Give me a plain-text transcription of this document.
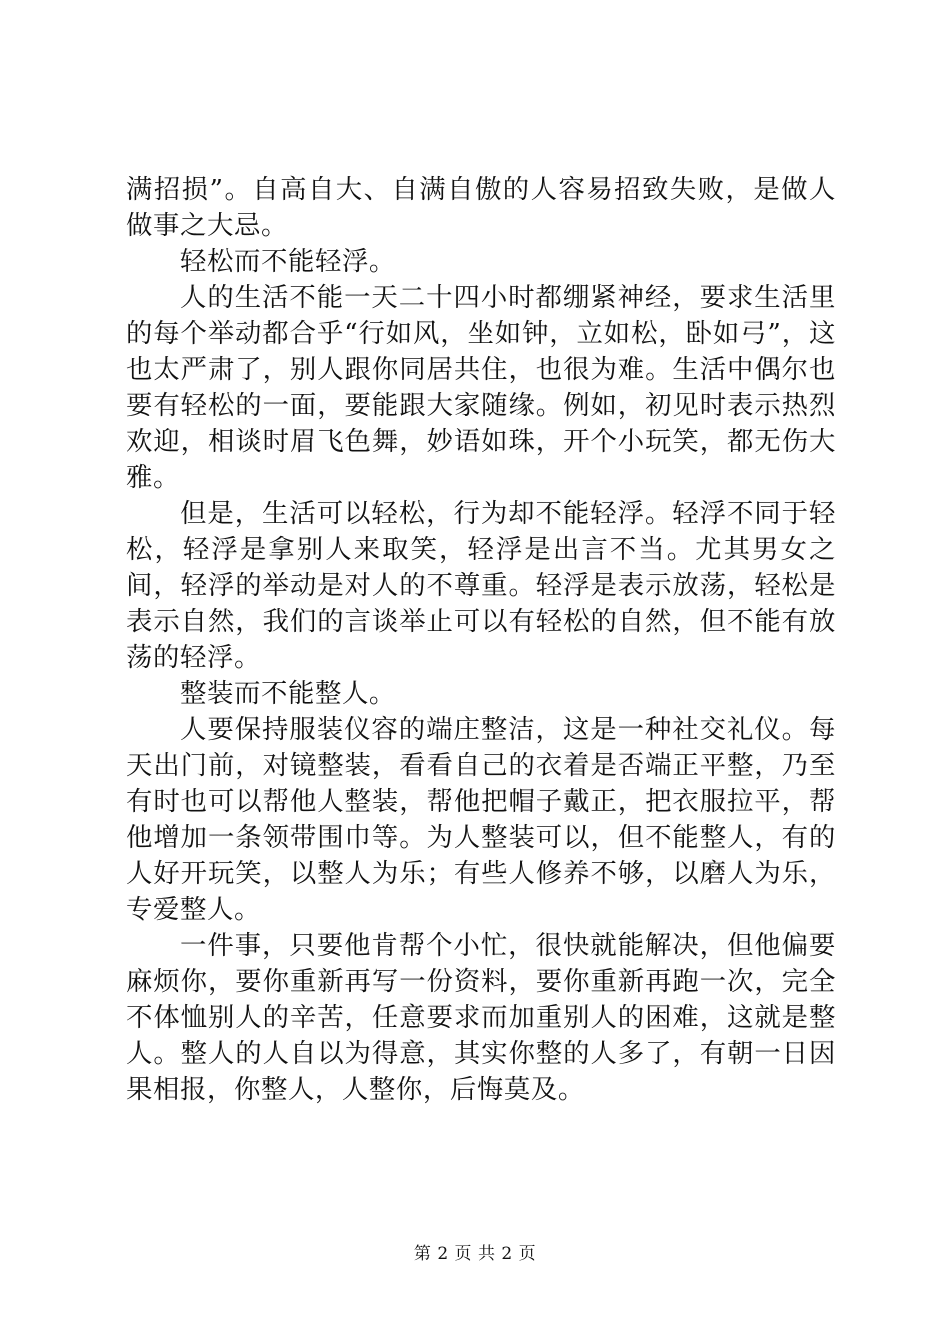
满招损”。自高自大、自满自傲的人容易招致失败，是做人做事之大忌。

轻松而不能轻浮。

人的生活不能一天二十四小时都绷紧神经，要求生活里的每个举动都合乎“行如风，坐如钟，立如松，卧如弓”，这也太严肃了，别人跟你同居共住，也很为难。生活中偶尔也要有轻松的一面，要能跟大家随缘。例如，初见时表示热烈欢迎，相谈时眉飞色舞，妙语如珠，开个小玩笑，都无伤大雅。

但是，生活可以轻松，行为却不能轻浮。轻浮不同于轻松，轻浮是拿别人来取笑，轻浮是出言不当。尤其男女之间，轻浮的举动是对人的不尊重。轻浮是表示放荡，轻松是表示自然，我们的言谈举止可以有轻松的自然，但不能有放荡的轻浮。

整装而不能整人。

人要保持服装仪容的端庄整洁，这是一种社交礼仪。每天出门前，对镜整装，看看自己的衣着是否端正平整，乃至有时也可以帮他人整装，帮他把帽子戴正，把衣服拉平，帮他增加一条领带围巾等。为人整装可以，但不能整人，有的人好开玩笑，以整人为乐；有些人修养不够，以磨人为乐，专爱整人。

一件事，只要他肯帮个小忙，很快就能解决，但他偏要麻烦你，要你重新再写一份资料，要你重新再跑一次，完全不体恤别人的辛苦，任意要求而加重别人的困难，这就是整人。整人的人自以为得意，其实你整的人多了，有朝一日因果相报，你整人，人整你，后悔莫及。

第 2 页 共 2 页
